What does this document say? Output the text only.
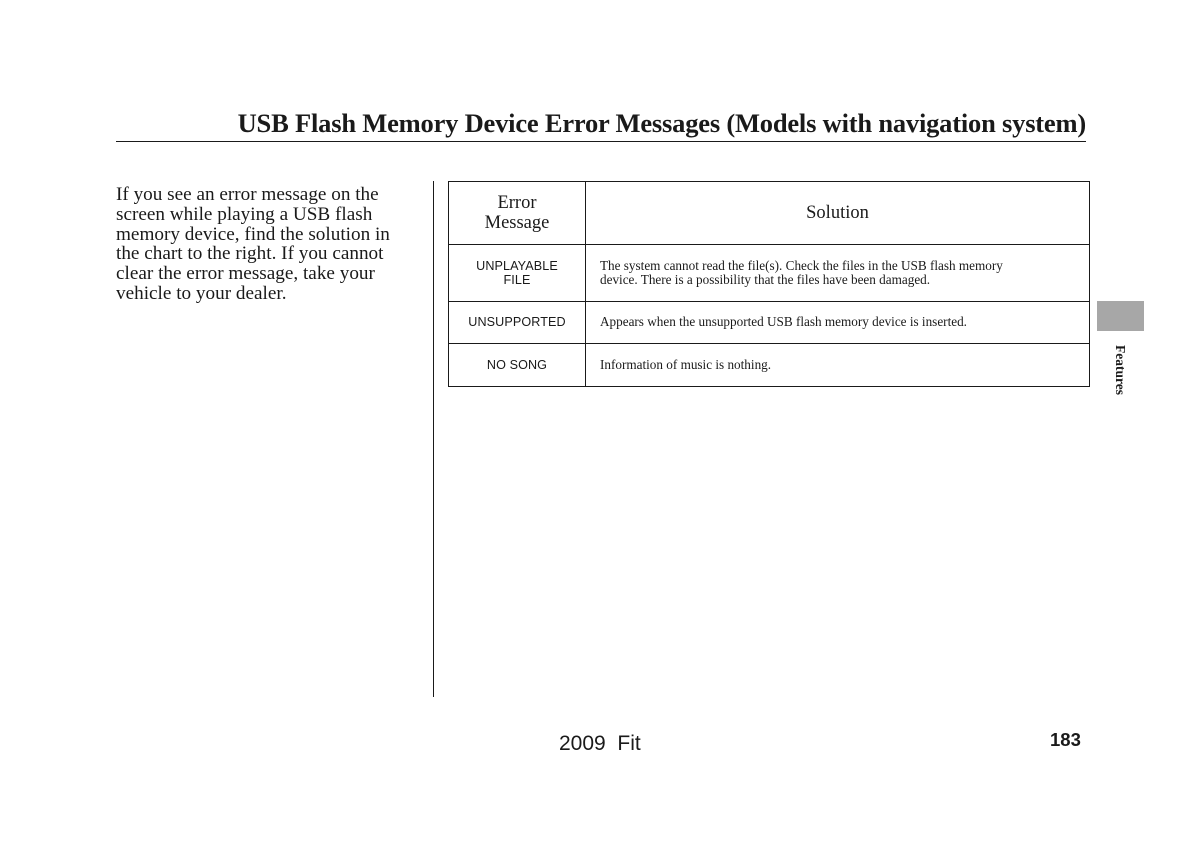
USB Flash Memory Device Error Messages (Models with navigation system)
If you see an error message on the
screen while playing a USB flash
memory device, find the solution in
the chart to the right. If you cannot
clear the error message, take your
vehicle to your dealer.
Error
Message	Solution

UNPLAYABLE
FILE	The system cannot read the file(s). Check the files in the USB flash memory
device. There is a possibility that the files have been damaged.

UNSUPPORTED	Appears when the unsupported USB flash memory device is inserted.

NO SONG	Information of music is nothing.	Features
2009  Fit	183
